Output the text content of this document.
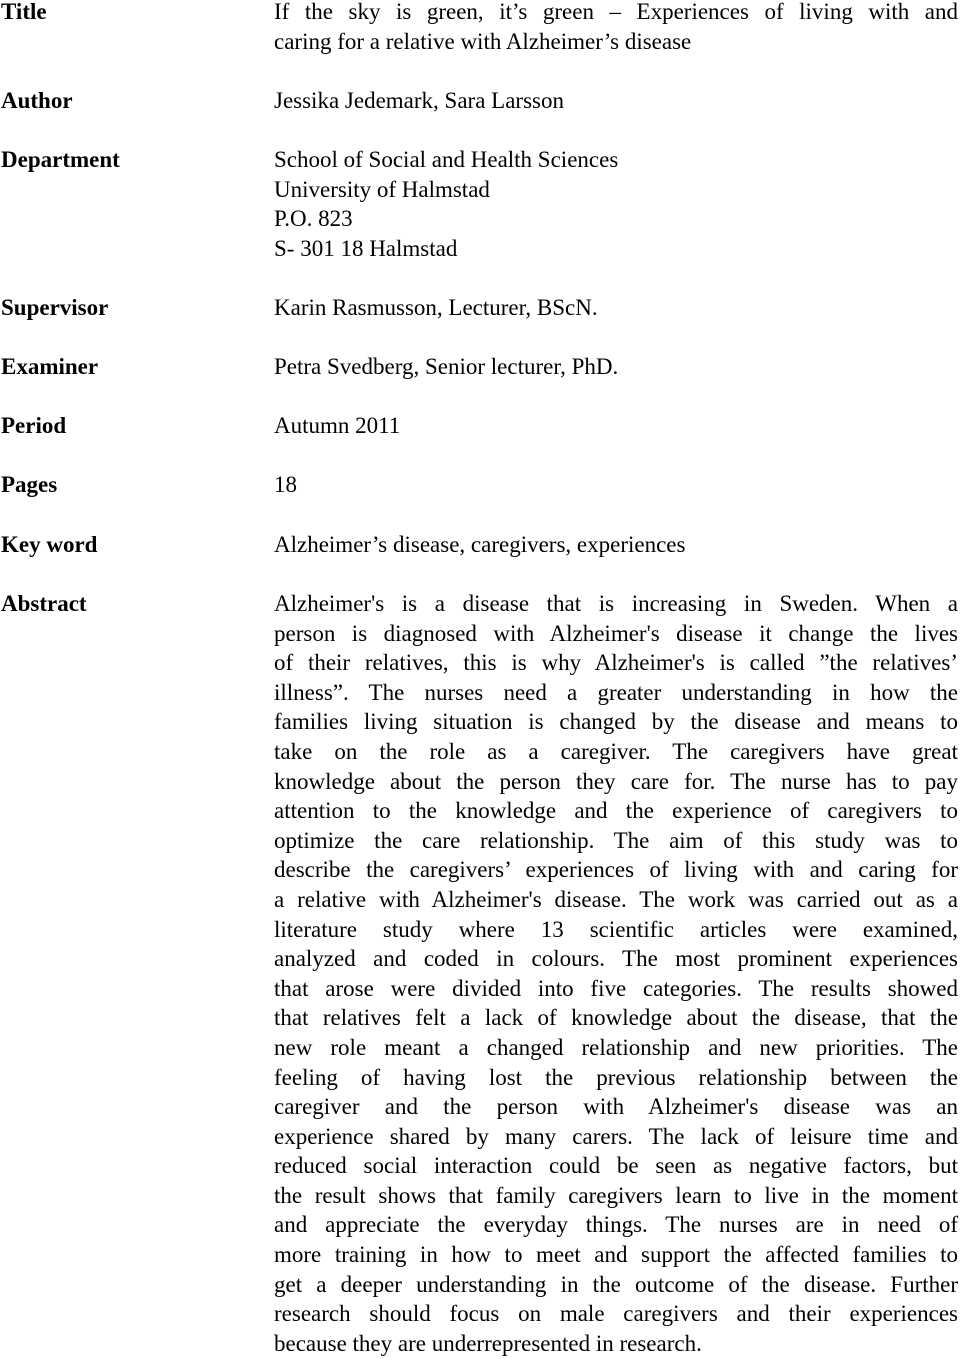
Title	If the sky is green, it’s green – Experiences of living with and
caring for a relative with Alzheimer’s disease
Author	Jessika Jedemark, Sara Larsson
Department	School of Social and Health Sciences
University of Halmstad
P.O. 823
S- 301 18 Halmstad
Supervisor	Karin Rasmusson, Lecturer, BScN.
Examiner	Petra Svedberg, Senior lecturer, PhD.
Period	Autumn 2011
Pages	18
Key word	Alzheimer’s disease, caregivers, experiences
Abstract	Alzheimer's is a disease that is increasing in Sweden. When a
person is diagnosed with Alzheimer's disease it change the lives
of their relatives, this is why Alzheimer's is called ”the relatives’
illness”. The nurses need a greater understanding in how the
families living situation is changed by the disease and means to
take on the role as a caregiver. The caregivers have great
knowledge about the person they care for. The nurse has to pay
attention to the knowledge and the experience of caregivers to
optimize the care relationship. The aim of this study was to
describe the caregivers’ experiences of living with and caring for
a relative with Alzheimer's disease. The work was carried out as a
literature study where 13 scientific articles were examined,
analyzed and coded in colours. The most prominent experiences
that arose were divided into five categories. The results showed
that relatives felt a lack of knowledge about the disease, that the
new role meant a changed relationship and new priorities. The
feeling of having lost the previous relationship between the
caregiver and the person with Alzheimer's disease was an
experience shared by many carers. The lack of leisure time and
reduced social interaction could be seen as negative factors, but
the result shows that family caregivers learn to live in the moment
and appreciate the everyday things. The nurses are in need of
more training in how to meet and support the affected families to
get a deeper understanding in the outcome of the disease. Further
research should focus on male caregivers and their experiences
because they are underrepresented in research.
